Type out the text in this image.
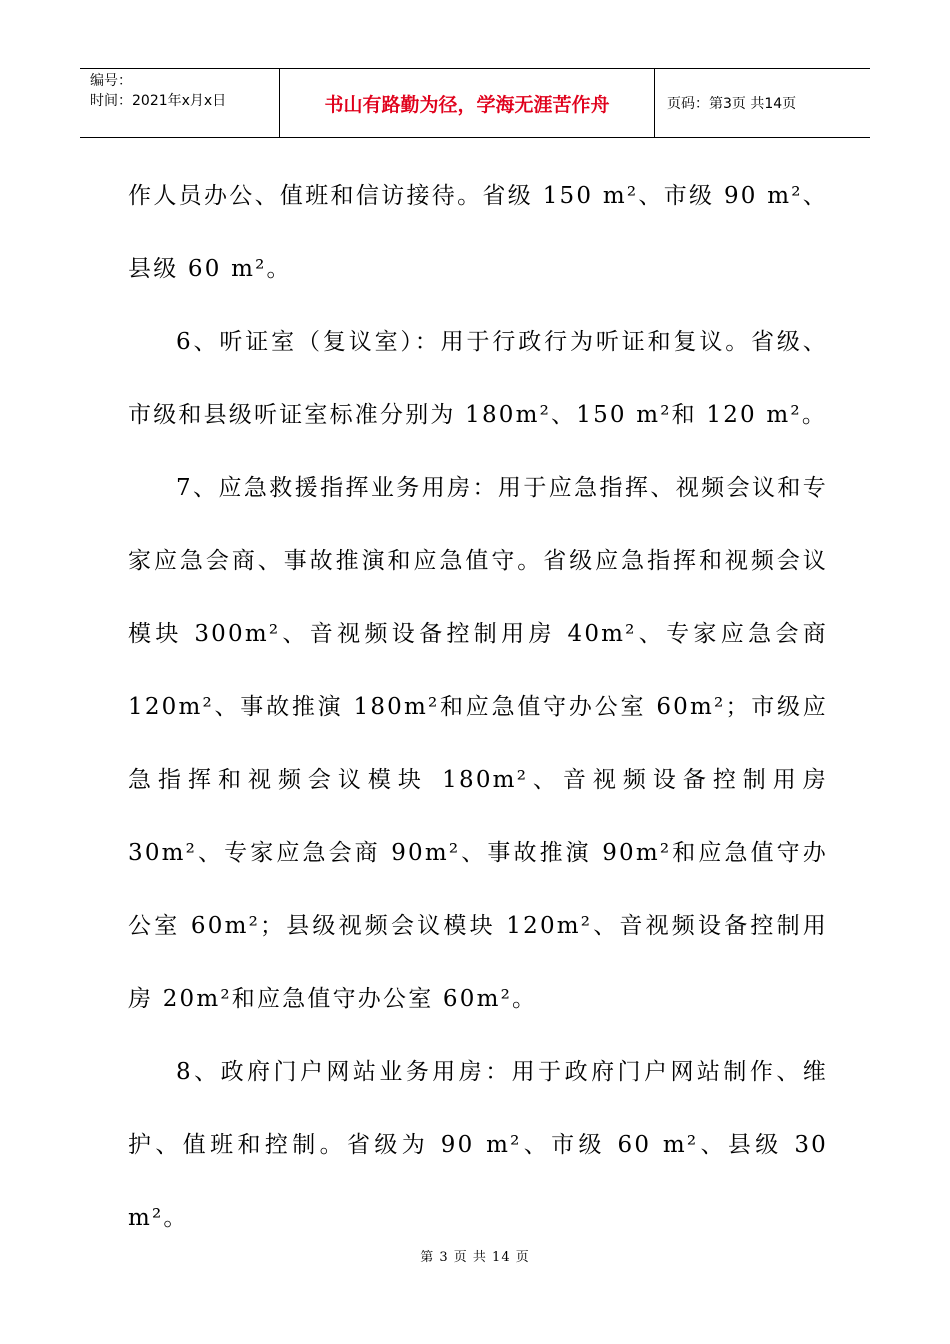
编号：
时间：2021年x月x日	书山有路勤为径，学海无涯苦作舟	页码：第3页 共14页
作人员办公、值班和信访接待。省级 150 m²、市级 90 m²、县级 60 m²。
6、听证室（复议室）：用于行政行为听证和复议。省级、市级和县级听证室标准分别为 180m²、150 m²和 120 m²。
7、应急救援指挥业务用房：用于应急指挥、视频会议和专家应急会商、事故推演和应急值守。省级应急指挥和视频会议模块 300m²、音视频设备控制用房 40m²、专家应急会商 120m²、事故推演 180m²和应急值守办公室 60m²；市级应急指挥和视频会议模块 180m²、音视频设备控制用房 30m²、专家应急会商 90m²、事故推演 90m²和应急值守办公室 60m²；县级视频会议模块 120m²、音视频设备控制用房 20m²和应急值守办公室 60m²。
8、政府门户网站业务用房：用于政府门户网站制作、维护、值班和控制。省级为 90 m²、市级 60 m²、县级 30 m²。
第 3 页 共 14 页
